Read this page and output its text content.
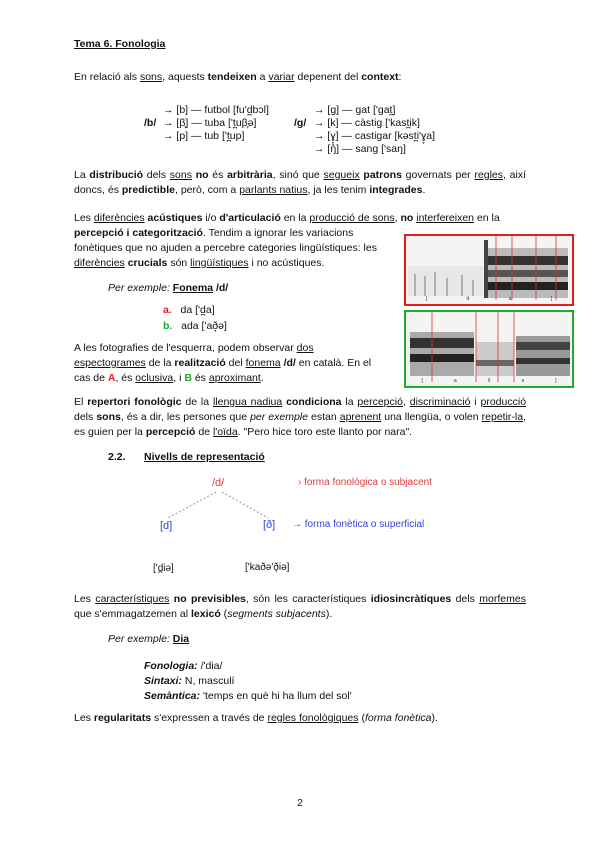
Tema 6. Fonologia
En relació als sons, aquests tendeixen a variar depenent del context:
/b/
→ [b] — futbol [fu'd̪bɔl]
→ [β̞] — tuba ['t̪uβ̞ə]
→ [p] — tub ['t̪up]
/g/
→ [g] — gat ['gat̪]
→ [k] — càstig ['kast̪ik]
→ [ɣ̞] — castigar [kəst̪i'ɣ̞a]
→ [ŋ̊] — sang ['saŋ]
La distribució dels sons no és arbitrària, sinó que segueix patrons governats per regles, així doncs, és predictible, però, com a parlants natius, ja les tenim integrades.
Les diferències acústiques i/o d'articulació en la producció de sons, no interfereixen en la
percepció i categorització. Tendim a ignorar les variacions
fonètiques que no ajuden a percebre categories lingüístiques: les
diferències crucials són lingüístiques i no acústiques.
Per exemple: Fonema /d/
a. da ['d̪a]
b. ada ['að̞ə]
A les fotografies de l'esquerra, podem observar dos
espectogrames de la realització del fonema /d/ en català. En el
cas de A, és oclusiva, i B és aproximant.
[	d	a	]
[	a	ð	ə	]
El repertori fonològic de la llengua nadiua condiciona la percepció, discriminació i producció dels sons, és a dir, les persones que per exemple estan aprenent una llengüa, o volen repetir-la, es guien per la percepció de l'oïda. "Pero hice toro este llanto por nara".
2.2. Nivells de representació
/d/	› forma fonològica o subjacent
[d]	[ð] → forma fonètica o superficial
['d̪iə]	['kaðə'ð̞iə]
Les característiques no previsibles, són les característiques idiosincràtiques dels morfemes que s'emmagatzemen al lexicó (segments subjacents).
Per exemple: Dia
Fonologia: /'dia/
Sintaxi: N, masculí
Semàntica: 'temps en què hi ha llum del sol'
Les regularitats s'expressen a través de regles fonològiques (forma fonètica).
2
